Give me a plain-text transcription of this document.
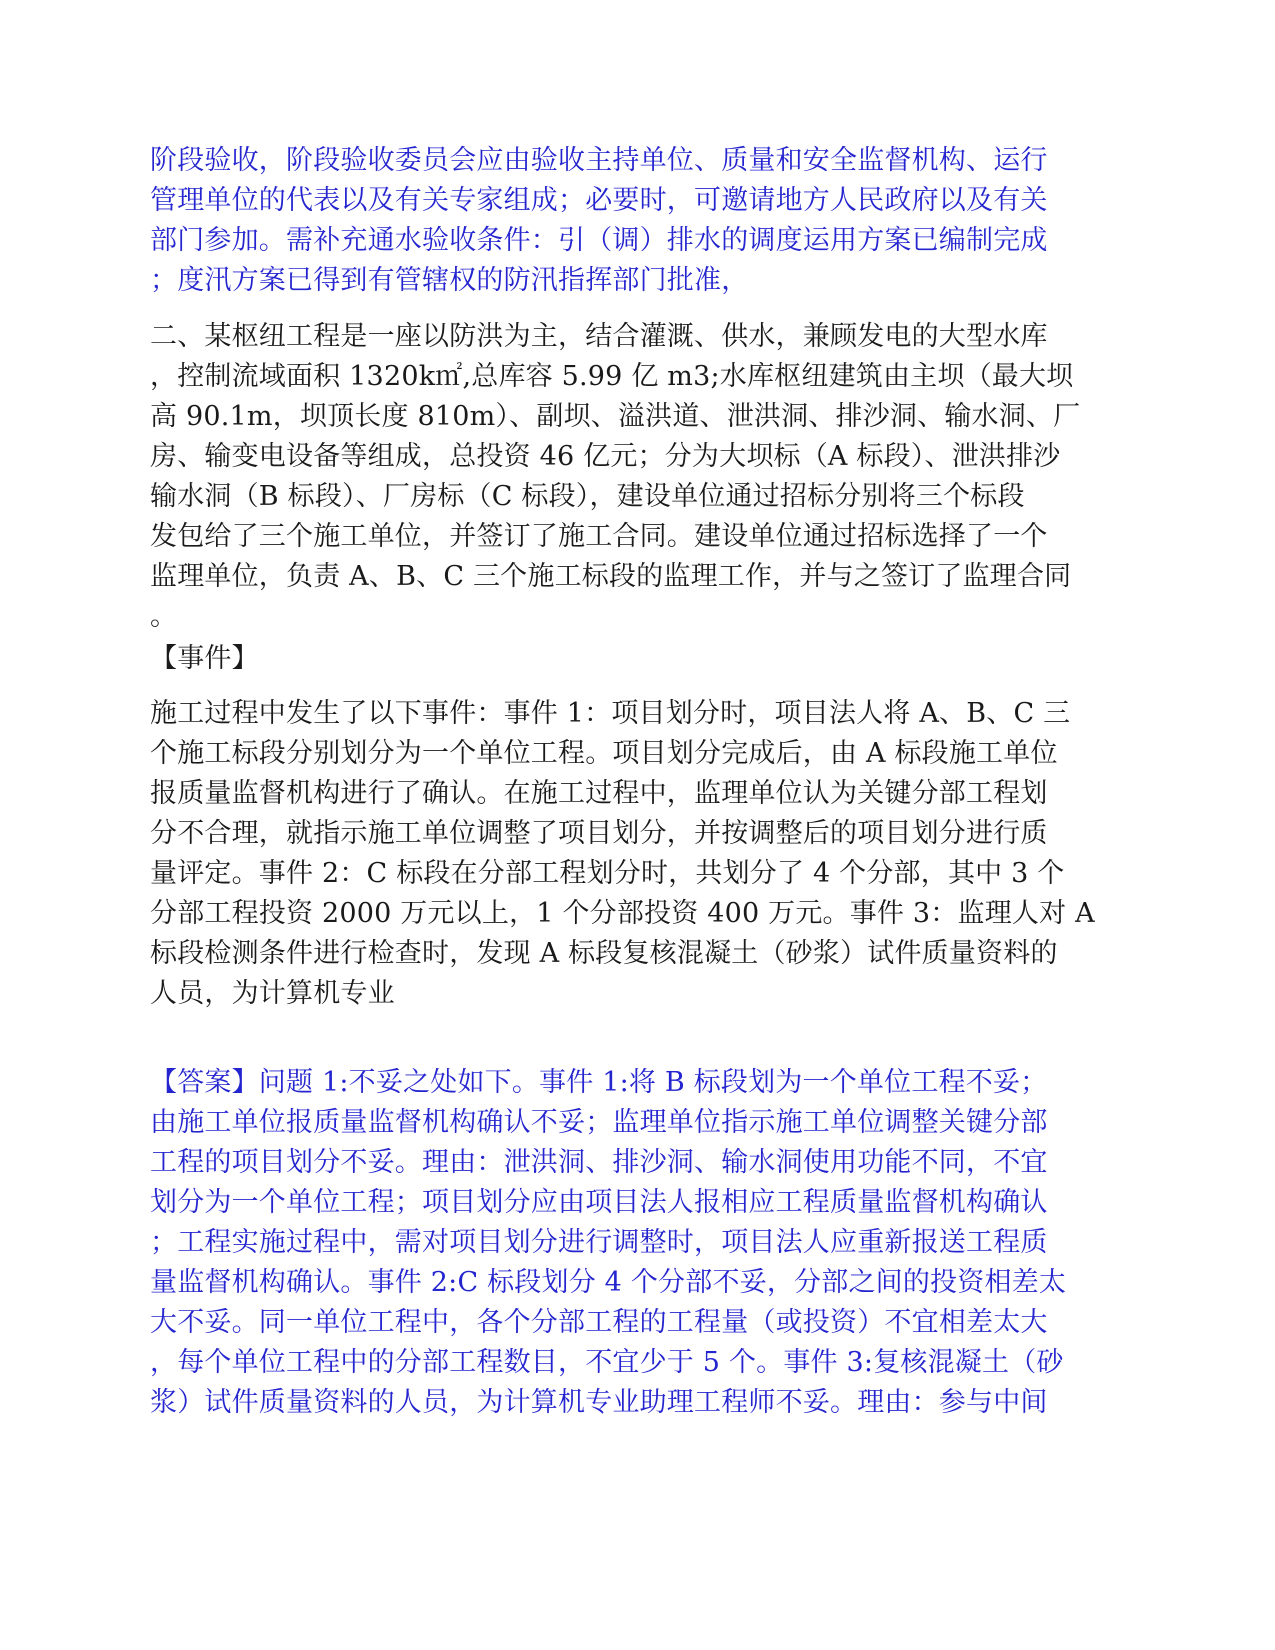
阶段验收，阶段验收委员会应由验收主持单位、质量和安全监督机构、运行
管理单位的代表以及有关专家组成；必要时，可邀请地方人民政府以及有关
部门参加。需补充通水验收条件：引（调）排水的调度运用方案已编制完成
；度汛方案已得到有管辖权的防汛指挥部门批准，
二、某枢纽工程是一座以防洪为主，结合灌溉、供水，兼顾发电的大型水库
，控制流域面积 1320k㎡,总库容 5.99 亿 m3;水库枢纽建筑由主坝（最大坝
高 90.1m，坝顶长度 810m）、副坝、溢洪道、泄洪洞、排沙洞、输水洞、厂
房、输变电设备等组成，总投资 46 亿元；分为大坝标（A 标段）、泄洪排沙
输水洞（B 标段）、厂房标（C 标段），建设单位通过招标分别将三个标段
发包给了三个施工单位，并签订了施工合同。建设单位通过招标选择了一个
监理单位，负责 A、B、C 三个施工标段的监理工作，并与之签订了监理合同
。
【事件】
施工过程中发生了以下事件：事件 1：项目划分时，项目法人将 A、B、C 三
个施工标段分别划分为一个单位工程。项目划分完成后，由 A 标段施工单位
报质量监督机构进行了确认。在施工过程中，监理单位认为关键分部工程划
分不合理，就指示施工单位调整了项目划分，并按调整后的项目划分进行质
量评定。事件 2：C 标段在分部工程划分时，共划分了 4 个分部，其中 3 个
分部工程投资 2000 万元以上，1 个分部投资 400 万元。事件 3：监理人对 A
标段检测条件进行检查时，发现 A 标段复核混凝土（砂浆）试件质量资料的
人员，为计算机专业
【答案】问题 1:不妥之处如下。事件 1:将 B 标段划为一个单位工程不妥；
由施工单位报质量监督机构确认不妥；监理单位指示施工单位调整关键分部
工程的项目划分不妥。理由：泄洪洞、排沙洞、输水洞使用功能不同，不宜
划分为一个单位工程；项目划分应由项目法人报相应工程质量监督机构确认
；工程实施过程中，需对项目划分进行调整时，项目法人应重新报送工程质
量监督机构确认。事件 2:C 标段划分 4 个分部不妥，分部之间的投资相差太
大不妥。同一单位工程中，各个分部工程的工程量（或投资）不宜相差太大
，每个单位工程中的分部工程数目，不宜少于 5 个。事件 3:复核混凝土（砂
浆）试件质量资料的人员，为计算机专业助理工程师不妥。理由：参与中间
